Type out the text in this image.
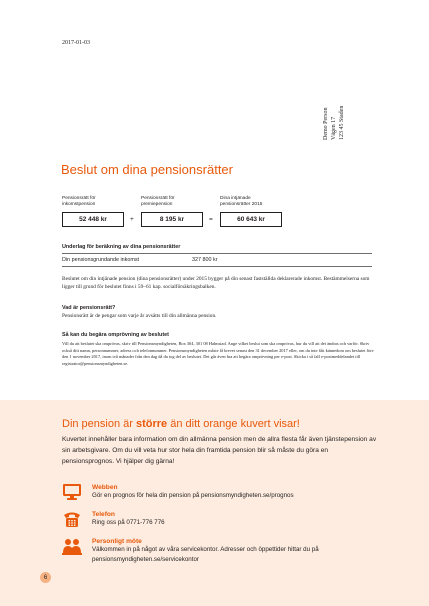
2017-01-03
Demo Person Vägen 17 123 45 Staden
Beslut om dina pensionsrätter
Pensionsrätt för
inkomstpension
Pensionsrätt för
premiepension
Dina intjänade
pensionsrätter 2015
52 448 kr	+	8 195 kr	=	60 643 kr
Underlag för beräkning av dina pensionsrätter
Din pensionsgrundande inkomst	327 800 kr
Beslutet om din intjänade pension (dina pensionsrätter) under 2015 bygger på din senast fastställda deklarerade inkomst. Bestämmelserna som ligger till grund för beslutet finns i 59–61 kap. socialförsäkringsbalken.
Vad är pensionsrätt?
Pensionsrätt är de pengar som varje år avsätts till din allmänna pension.
Så kan du begära omprövning av beslutet
Vill du att beslutet ska omprövas, skriv till Pensionsmyndigheten, Box 304, 301 08 Halmstad. Ange vilket beslut som ska omprövas, hur du vill att det ändras och varför. Skriv också ditt namn, personnummer, adress och telefonnummer. Pensionsmyndigheten måste få brevet senast den 31 december 2017 eller, om du inte fått kännedom om beslutet före den 1 november 2017, inom två månader från den dag då du tog del av beslutet. Det går även bra att begära omprövning per e-post. Skicka i så fall e-postmeddelandet till registrator@pensionsmyndigheten.se.
Din pension är större än ditt orange kuvert visar!
Kuvertet innehåller bara information om din allmänna pension men de allra flesta får även tjänstepension av sin arbetsgivare. Om du vill veta hur stor hela din framtida pension blir så måste du göra en pensionsprognos. Vi hjälper dig gärna!
Webben
Gör en prognos för hela din pension på pensionsmyndigheten.se/prognos
Telefon
Ring oss på 0771-776 776
Personligt möte
Välkommen in på något av våra servicekontor. Adresser och öppettider hittar du på pensionsmyndigheten.se/servicekontor
6
